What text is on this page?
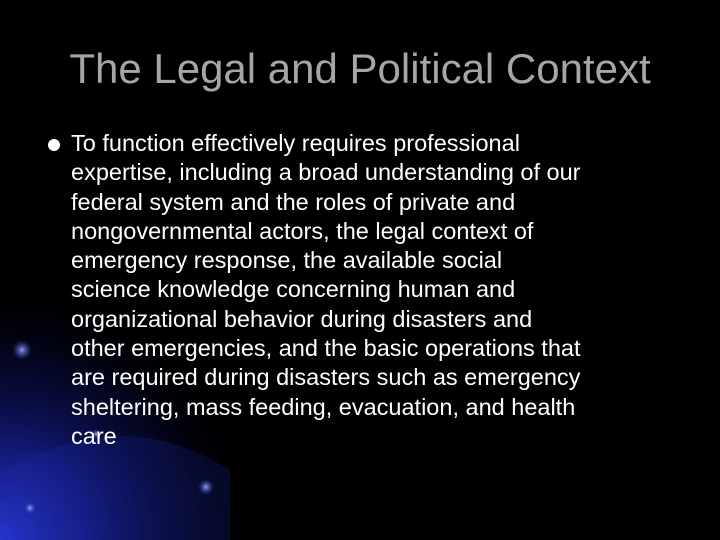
The Legal and Political Context
To function effectively requires professional
expertise, including a broad understanding of our
federal system and the roles of private and
nongovernmental actors, the legal context of
emergency response, the available social
science knowledge concerning human and
organizational behavior during disasters and
other emergencies, and the basic operations that
are required during disasters such as emergency
sheltering, mass feeding, evacuation, and health
care
